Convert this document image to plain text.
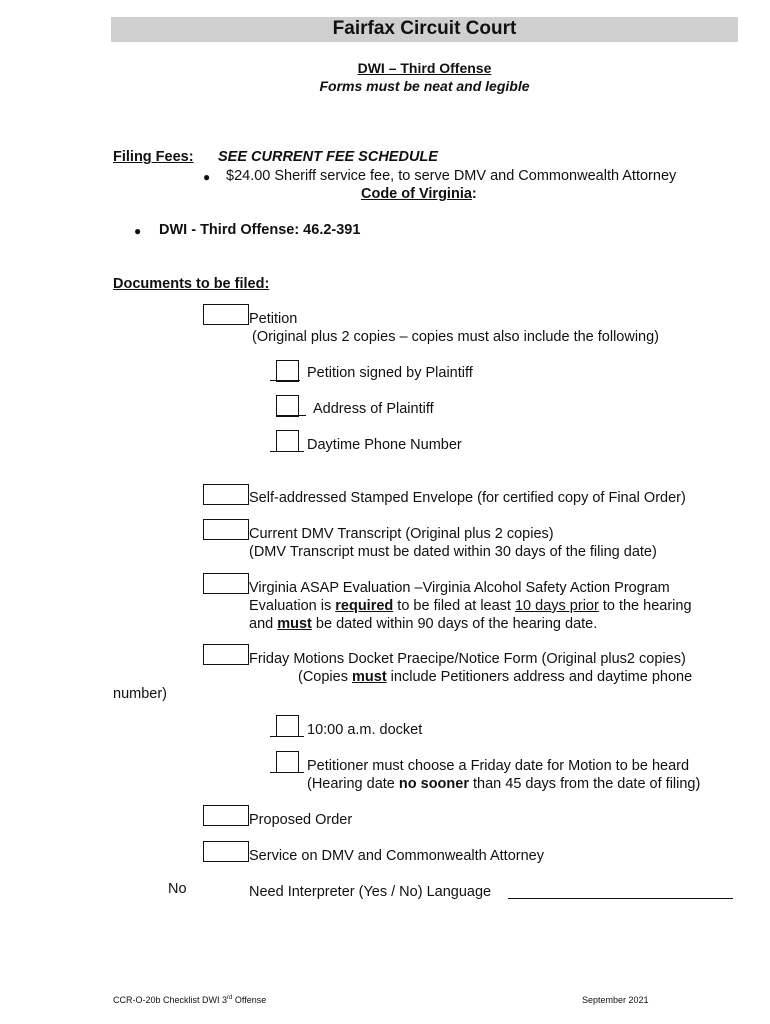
Fairfax Circuit Court
DWI – Third Offense
Forms must be neat and legible
Filing Fees: SEE CURRENT FEE SCHEDULE
● $24.00 Sheriff service fee, to serve DMV and Commonwealth Attorney
Code of Virginia:
● DWI - Third Offense: 46.2-391
Documents to be filed:
Petition
(Original plus 2 copies – copies must also include the following)
Petition signed by Plaintiff
Address of Plaintiff
Daytime Phone Number
Self-addressed Stamped Envelope (for certified copy of Final Order)
Current DMV Transcript (Original plus 2 copies)
(DMV Transcript must be dated within 30 days of the filing date)
Virginia ASAP Evaluation –Virginia Alcohol Safety Action Program
Evaluation is required to be filed at least 10 days prior to the hearing
and must be dated within 90 days of the hearing date.
Friday Motions Docket Praecipe/Notice Form (Original plus2 copies)
(Copies must include Petitioners address and daytime phone
number)
10:00 a.m. docket
Petitioner must choose a Friday date for Motion to be heard
(Hearing date no sooner than 45 days from the date of filing)
Proposed Order
Service on DMV and Commonwealth Attorney
No	Need Interpreter (Yes / No) Language
CCR-O-20b Checklist DWI 3rd Offense	September 2021
